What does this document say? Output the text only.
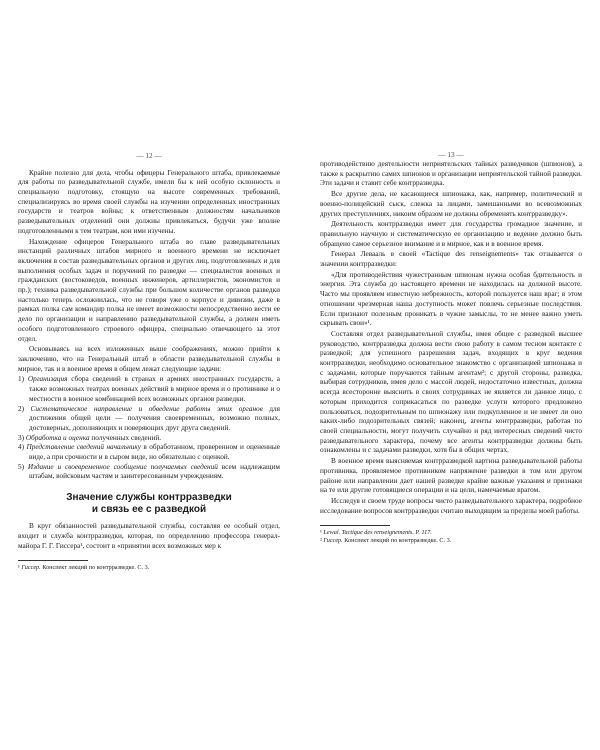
— 12 —

Крайне полезно для дела, чтобы офицеры Генерального штаба, привлекаемые для работы по разведывательной службе, имели бы к ней особую склонность и специальную подготовку, стоящую на высоте современных требований, специализируясь во время своей службы на изучении определенных иностранных государств и театров войны; к ответственным должностям начальников разведывательных отделений они должны привлекаться, будучи уже вполне подготовленными к тем театрам, кои ими изучены.

Нахождение офицеров Генерального штаба во главе разведывательных инстанций различных штабов мирного и военного времени не исключает включения в состав разведывательных органов и других лиц, подготовленных и для выполнения особых задач и поручений по разведке — специалистов военных и гражданских (востоковедов, военных инженеров, артиллеристов, экономистов и пр.); техника разведывательной службы при большом количестве органов разведки настолько теперь осложнилась, что не говоря уже о корпусе и дивизии, даже в рамках полка сам командир полка не имеет возможности непосредственно вести ее дело по организации и направлению разведывательной службы, а должен иметь особого подготовленного строевого офицера, специально отвечающего за этот отдел.

Основываясь на всех изложенных выше соображениях, можно прийти к заключению, что на Генеральный штаб в области разведывательной службы в мирное, так и в военное время в общем лежат следующие задачи:

1) Организация сбора сведений в странах и армиях иностранных государств, а также возможных театрах военных действий в мирное время и о противнике и о местности в военное комбинацией всех возможных органов разведки.
2) Систематическое направление и обведение работы этих органов для достижения общей цели — получения своевременных, возможно полных, достоверных, дополняющих и поверяющих друг друга сведений.
3) Обработка и оценка полученных сведений.
4) Представление сведений начальнику в обработанном, проверенном и оцененные виде, а при срочности и в сыром виде, но обязательно с оценкой.
5) Издание и своевременное сообщение получаемых сведений всем надлежащим штабам, войсковым частям и заинтересованным учреждениям.
Значение службы контрразведки
и связь ее с разведкой

В круг обязанностей разведывательной службы, составляя ее особый отдел, входит и служба контрразведки, которая, по определению профессора генерал-майора Г. Г. Гиссера¹, состоит в «принятии всех возможных мер к

¹ Гиссер. Конспект лекций по контрразведке. С. 3.
— 13 —

противодействию деятельности неприятельских тайных разведчиков (шпионов), а также к раскрытию самих шпионов и организации неприятельской тайной разведки. Эти задачи и ставит себе контрразведка.

Все другие дела, не касающиеся шпионажа, как, например, политический и военно-полицейский сыск, слежка за лицами, замешанными во всевозможных других преступлениях, никоим образом не должны обременять контрразведку».

Деятельность контрразведки имеет для государства громадное значение, и правильную научную и систематическую ее организацию и ведение должно быть обращено самое серьезное внимание и в мирное, как и в военное время.

Генерал Левааль в своей «Tactique des renseignements» так отзывается о значении контрразведки:

«Для противодействия чужестранным шпионам нужна особая бдительность и энергия. Эта служба до настоящего времени не находилась на должной высоте. Часто мы проявляем известную небрежность, которой пользуется наш враг; в этом отношении чрезмерная наша доступность может повлечь серьезные последствия. Если признают полезным проникать в чужие замыслы, то не менее важно уметь скрывать свои»¹.

Составляя отдел разведывательной службы, имея общее с разведкой высшее руководство, контрразведка должна вести свою работу в самом тесном контакте с разведкой; для успешного разрешения задач, входящих в круг ведения контрразведки, необходимо основательное знакомство с организацией шпионажа и с задачами, которые поручаются тайным агентам²; с другой стороны, разведка, выбирая сотрудников, имея дело с массой людей, недостаточно известных, должна всегда всесторонне выяснить в своих сотрудниках не является ли данное лицо, с которым приходится соприкасаться по разведке услуги которого предложено пользоваться, подозрительным по шпионажу или подкупленное и не имеет ли оно каких-либо подозрительных связей; наконец, агенты контрразведки, работая по своей специальности, могут получить случайно и ряд интересных сведений чисто разведывательного характера, почему все агенты контрразведки должны быть ознакомлены и с задачами разведки, хотя бы в общих чертах.

В военное время выясняемая контрразведкой картина разведывательной работы противника, проявляемое противником напряжение разведки в том или другом районе или направлении дает нашей разведке крайне важные указания и признаки на те или другие готовящиеся операции и на цели, намечаемые врагом.

Исследуя и своем труде вопросы чисто разведывательного характера, подробное исследование вопросов контрразведки считаю выходящим за пределы моей работы.

¹ Lewal. Tactique des renseignements. P. 117.
² Гиссер. Конспект лекций по контрразведке. С. 3.
